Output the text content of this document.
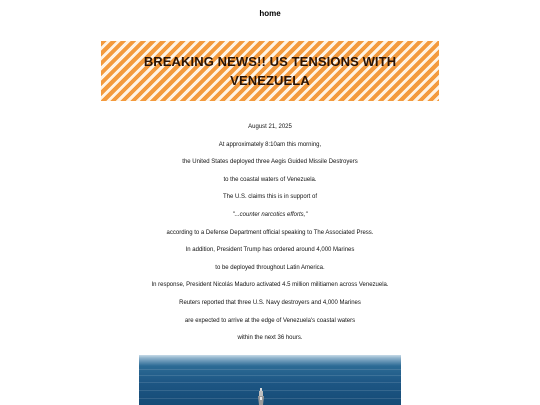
home
BREAKING NEWS!! US TENSIONS WITH VENEZUELA

August 21, 2025

At approximately 8:10am this morning,

the United States deployed three Aegis Guided Missile Destroyers

to the coastal waters of Venezuela.

The U.S. claims this is in support of

"...counter narcotics efforts,"

according to a Defense Department official speaking to The Associated Press.

In addition, President Trump has ordered around 4,000 Marines

to be deployed throughout Latin America.

In response, President Nicolás Maduro activated 4.5 million militiamen across Venezuela.

Reuters reported that three U.S. Navy destroyers and 4,000 Marines

are expected to arrive at the edge of Venezuela's coastal waters

within the next 36 hours.
